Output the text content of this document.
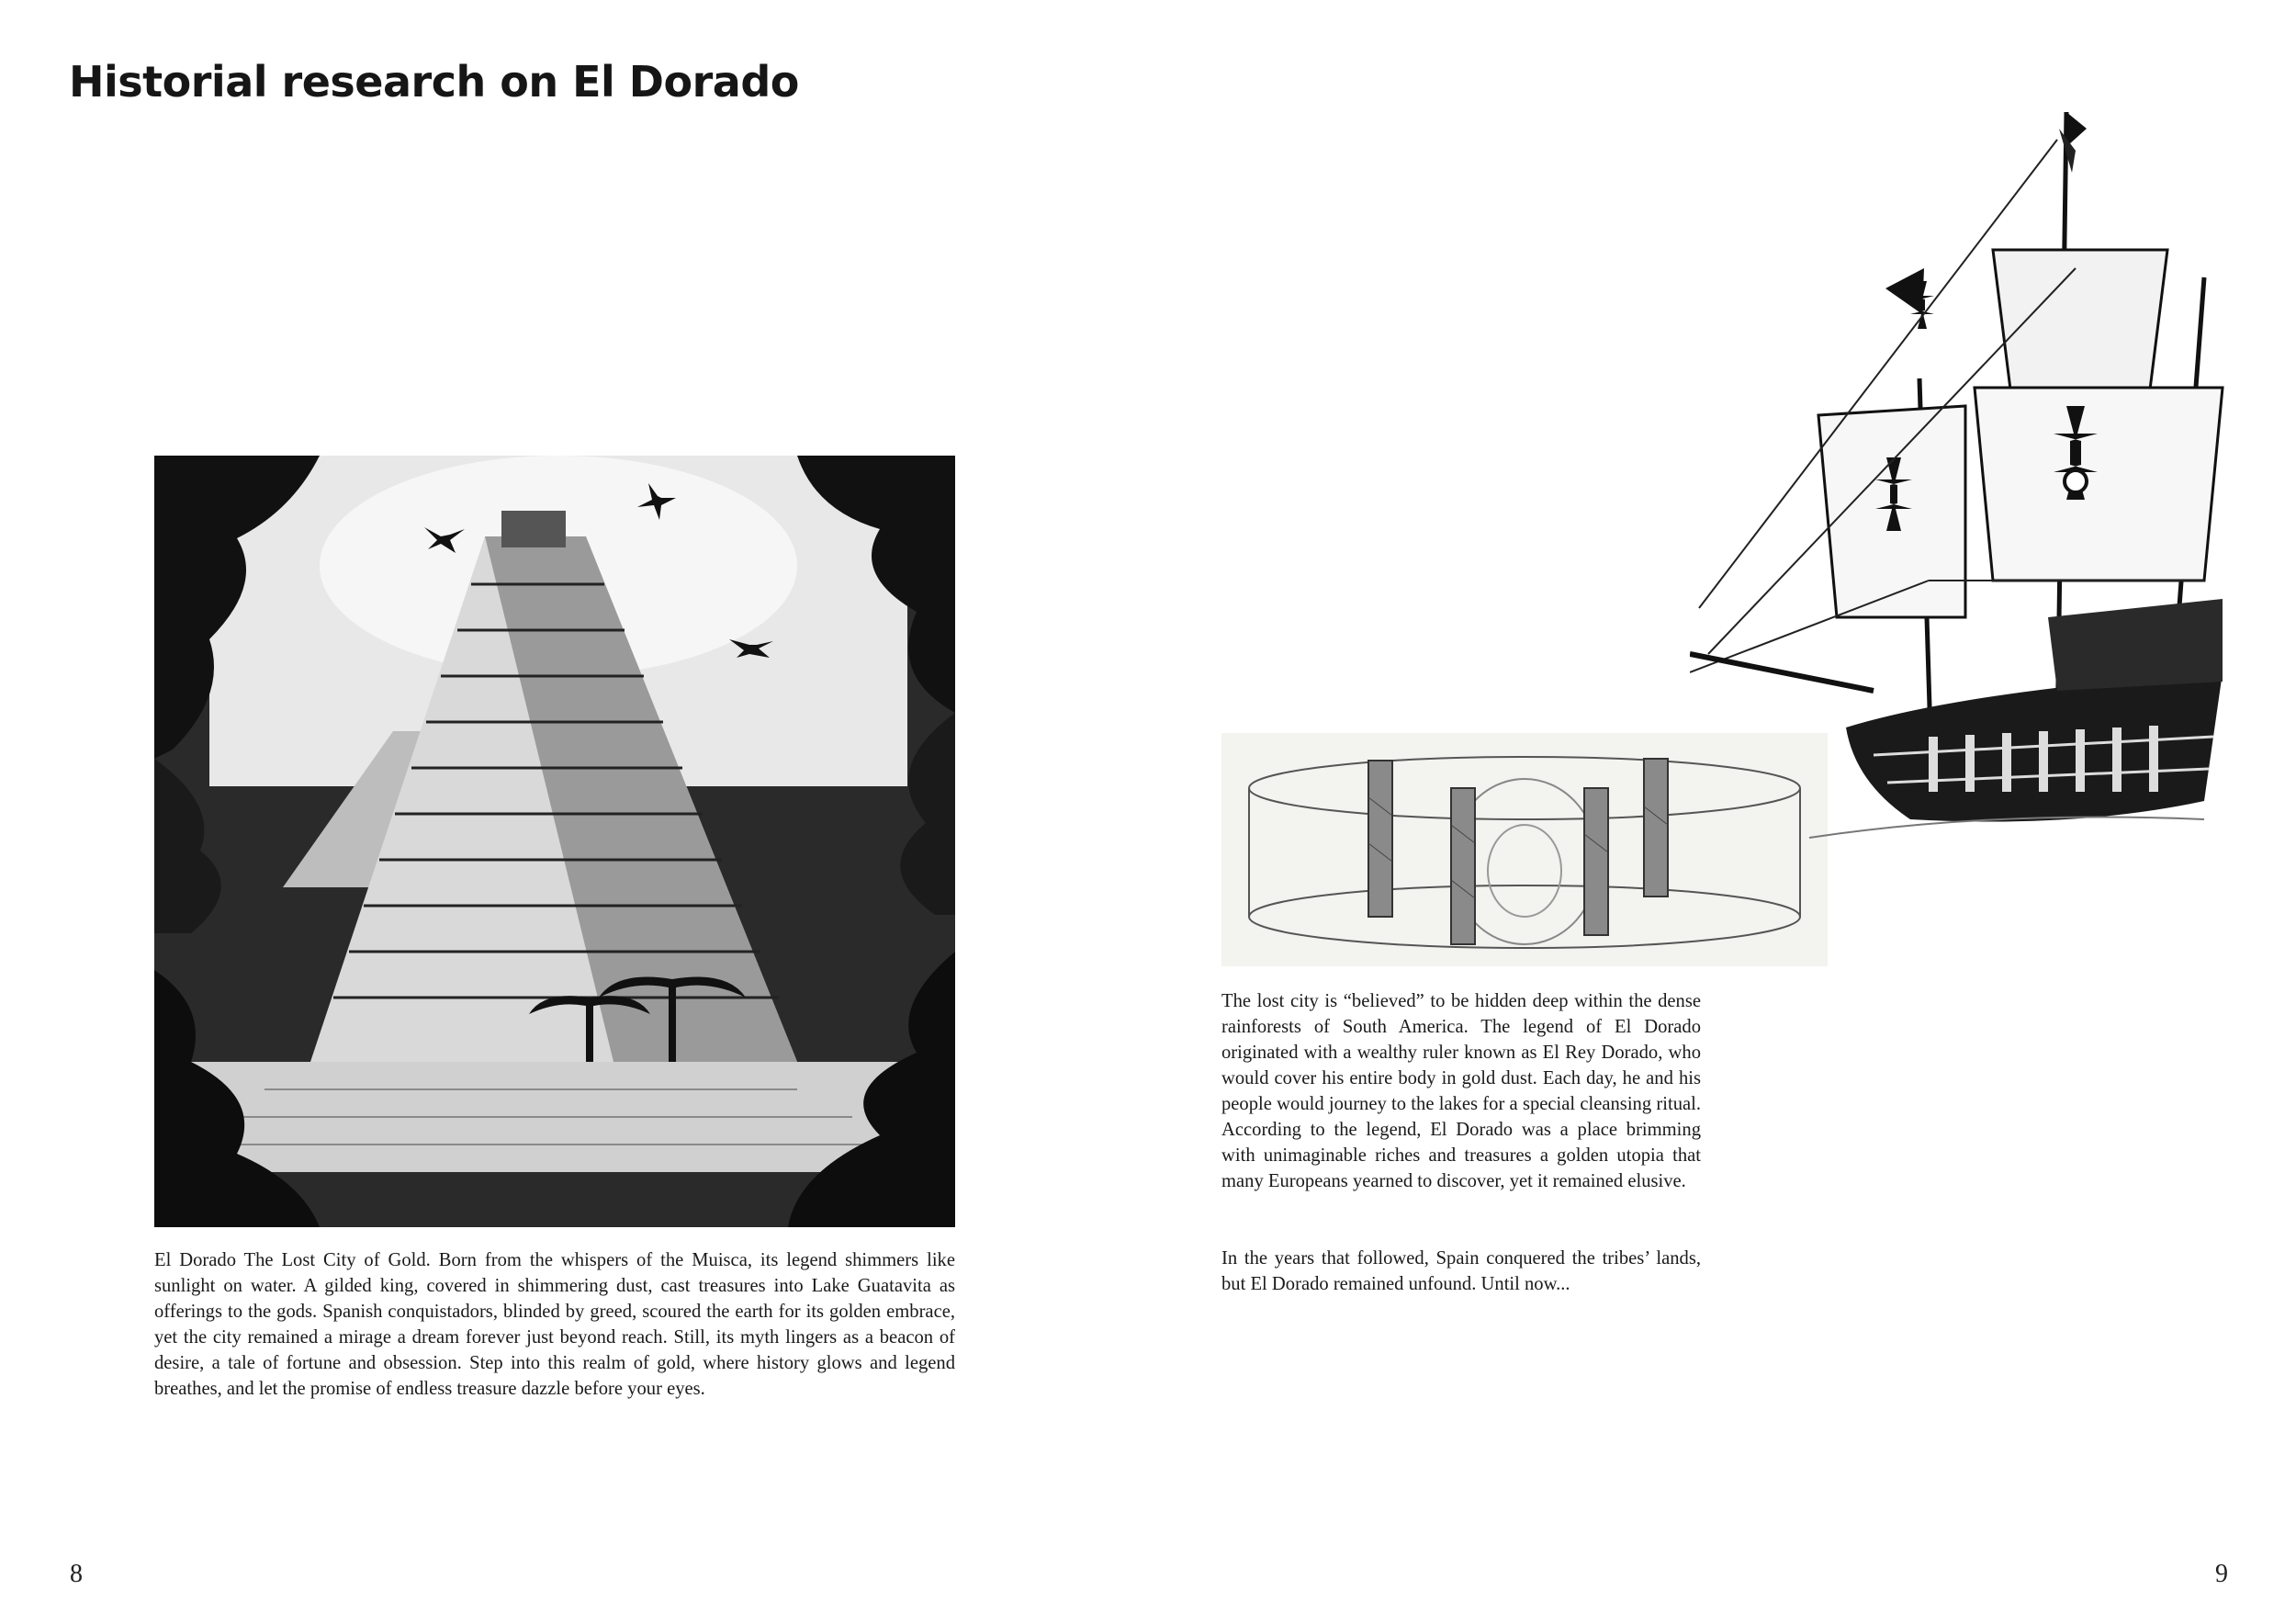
Historial research on El Dorado
El Dorado The Lost City of Gold. Born from the whispers of the Muisca, its legend shimmers like sunlight on water. A gilded king, covered in shimmering dust, cast treasures into Lake Guatavita as offerings to the gods. Spanish conquistadors, blinded by greed, scoured the earth for its golden embrace, yet the city remained a mirage a dream forever just beyond reach. Still, its myth lingers as a beacon of desire, a tale of fortune and obsession. Step into this realm of gold, where history glows and legend breathes, and let the promise of endless treasure dazzle before your eyes.
The lost city is “believed” to be hidden deep within the dense rainforests of South America. The legend of El Dorado originated with a wealthy ruler known as El Rey Dorado, who would cover his entire body in gold dust. Each day, he and his people would journey to the lakes for a special cleansing ritual. According to the legend, El Dorado was a place brimming with unimaginable riches and treasures a golden utopia that many Europeans yearned to discover, yet it remained elusive.
In the years that followed, Spain conquered the tribes’ lands, but El Dorado remained unfound. Until now...
8	9
